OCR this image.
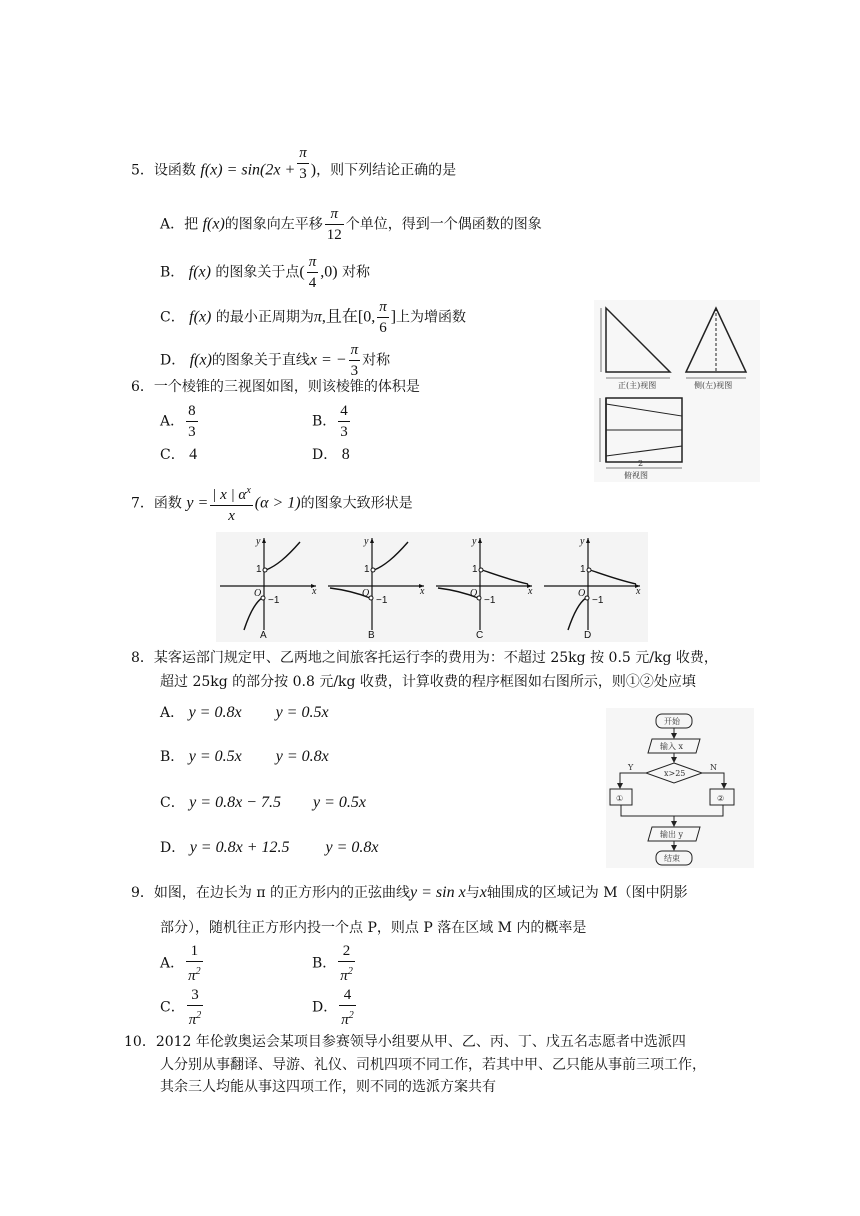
5．设函数 $f(x) = \sin(2x + \frac{\pi}{3}$ )，则下列结论正确的是
A．把 f(x)的图象向左平移 $\frac{\pi}{12}$ 个单位，得到一个偶函数的图象
B． f(x) 的图象关于点( $\frac{\pi}{4} ,0$) 对称
C． f(x) 的最小正周期为π,且在[0, $\frac{\pi}{6}$ ]上为增函数
D． f(x)的图象关于直线x = − $\frac{\pi}{3}$ 对称
正(主)视图	侧(左)视图
2
俯视图
6．一个棱锥的三视图如图，则该棱锥的体积是
A． $\frac{8}{3}$	B． $\frac{4}{3}$
C． 4	D． 8
7．函数 $y = \frac{| x | \alpha^x}{x} (\alpha > 1)$的图象大致形状是
y
x
O
1
−1
A
y
x
O
1
−1
B
y
x
O
1
−1
C
y
x
O
1
−1
D
8．某客运部门规定甲、乙两地之间旅客托运行李的费用为：不超过 25kg 按 0.5 元/kg 收费，
超过 25kg 的部分按 0.8 元/kg 收费，计算收费的程序框图如右图所示，则①②处应填
A． y = 0.8x y = 0.5x
B． y = 0.5x y = 0.8x
C． y = 0.8x − 7.5 y = 0.5x
D． y = 0.8x + 12.5 y = 0.8x
开始
输入 x
x>25
Y	N
①	②
输出 y
结束
9．如图，在边长为 π 的正方形内的正弦曲线y = sin x与x轴围成的区域记为 M（图中阴影
部分），随机往正方形内投一个点 P，则点 P 落在区域 M 内的概率是
A． $\frac{1}{\pi^2}$	B． $\frac{2}{\pi^2}$
C． $\frac{3}{\pi^2}$	D． $\frac{4}{\pi^2}$
10．2012 年伦敦奥运会某项目参赛领导小组要从甲、乙、丙、丁、戊五名志愿者中选派四
人分别从事翻译、导游、礼仪、司机四项不同工作，若其中甲、乙只能从事前三项工作，
其余三人均能从事这四项工作，则不同的选派方案共有
